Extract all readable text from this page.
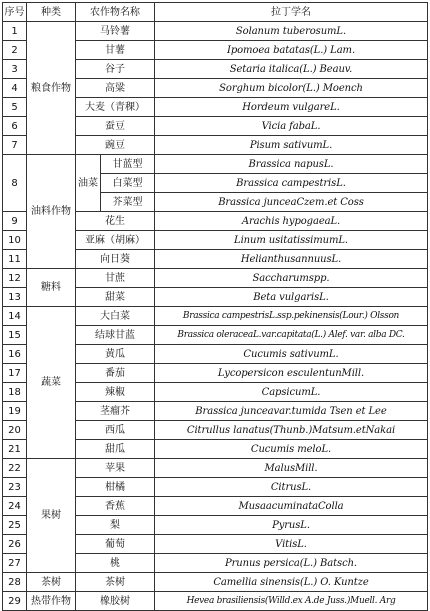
序号	种类	农作物名称		拉丁学名
1	粮食作物	马铃薯		Solanum tuberosumL.
2		甘薯		Ipomoea batatas(L.) Lam.
3		谷子		Setaria italica(L.) Beauv.
4		高粱		Sorghum bicolor(L.) Moench
5		大麦（青稞）		Hordeum vulgareL.
6		蚕豆		Vicia fabaL.
7		豌豆		Pisum sativumL.
8	油料作物	油菜	甘蓝型	Brassica napusL.
			白菜型	Brassica campestrisL.
			芥菜型	Brassica junceaCzem.et Coss
9		花生		Arachis hypogaeaL.
10		亚麻（胡麻）		Linum usitatissimumL.
11		向日葵		HelianthusannuusL.
12	糖料	甘蔗		Saccharumspp.
13		甜菜		Beta vulgarisL.
14	蔬菜	大白菜		Brassica campestrisL.ssp.pekinensis(Lour.) Olsson
15		结球甘蓝		Brassica oleraceaL.var.capitata(L.) Alef. var. alba DC.
16		黄瓜		Cucumis sativumL.
17		番茄		Lycopersicon esculentunMill.
18		辣椒		CapsicumL.
19		茎瘤芥		Brassica junceavar.tumida Tsen et Lee
20		西瓜		Citrullus lanatus(Thunb.)Matsum.etNakai
21		甜瓜		Cucumis meloL.
22	果树	苹果		MalusMill.
23		柑橘		CitrusL.
24		香蕉		MusaacuminataColla
25		梨		PyrusL.
26		葡萄		VitisL.
27		桃		Prunus persica(L.) Batsch.
28	茶树	茶树		Camellia sinensis(L.) O. Kuntze
29	热带作物	橡胶树		Hevea brasiliensis(Willd.ex A.de Juss.)Muell. Arg
